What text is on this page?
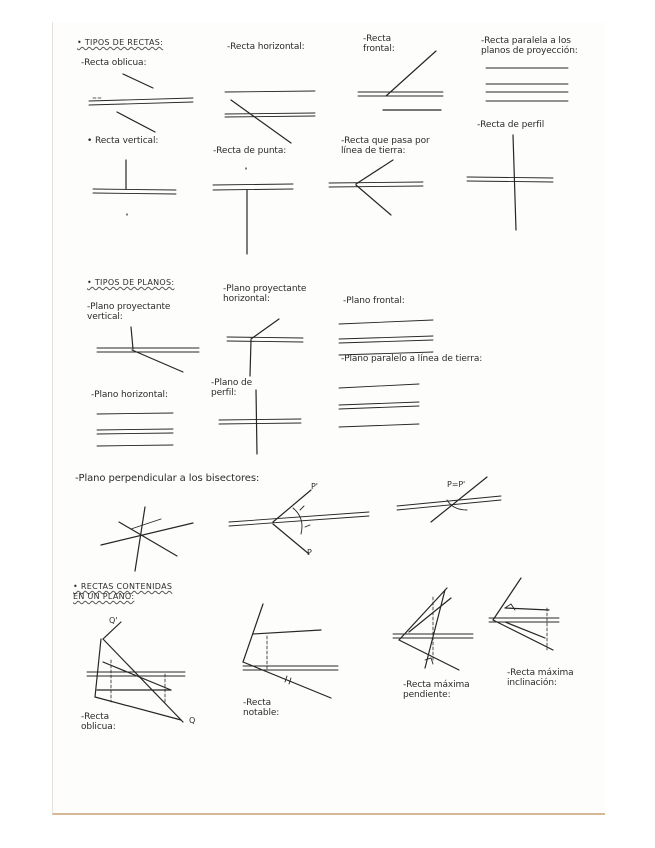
• TIPOS DE RECTAS:
-Recta oblicua:
-Recta horizontal:
-Recta
frontal:
-Recta paralela a los
planos de proyección:
• Recta vertical:
-Recta de punta:
-Recta que pasa por
línea de tierra:
-Recta de perfil
• TIPOS DE PLANOS:
-Plano proyectante
vertical:
-Plano proyectante
horizontal:	-Plano frontal:
-Plano horizontal:
-Plano de
perfil:
-Plano paralelo a línea de tierra:
-Plano perpendicular a los bisectores:
P'
P
P=P'
• RECTAS CONTENIDAS
EN UN PLANO:
Q'
Q
-Recta
oblicua:
-Recta
notable:
-Recta máxima
pendiente:
-Recta máxima
inclinación:
